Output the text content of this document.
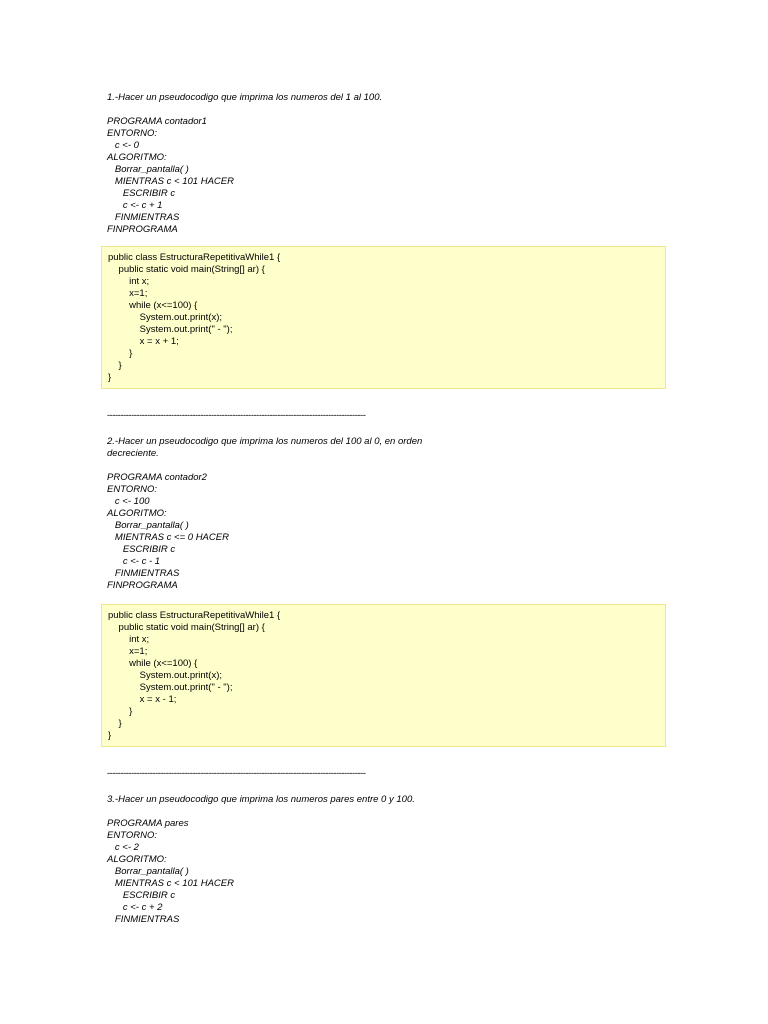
1.-Hacer un pseudocodigo que imprima los numeros del 1 al 100.
PROGRAMA contador1
ENTORNO:
c <- 0
ALGORITMO:
Borrar_pantalla( )
MIENTRAS c < 101 HACER
ESCRIBIR c
c <- c + 1
FINMIENTRAS
FINPROGRAMA
public class EstructuraRepetitivaWhile1 {
public static void main(String[] ar) {
int x;
x=1;
while (x<=100) {
System.out.print(x);
System.out.print(" - ");
x = x + 1;
}
}
}
-------------------------------------------------------------------------------------------------
2.-Hacer un pseudocodigo que imprima los numeros del 100 al 0, en orden
decreciente.
PROGRAMA contador2
ENTORNO:
c <- 100
ALGORITMO:
Borrar_pantalla( )
MIENTRAS c <= 0 HACER
ESCRIBIR c
c <- c - 1
FINMIENTRAS
FINPROGRAMA
public class EstructuraRepetitivaWhile1 {
public static void main(String[] ar) {
int x;
x=1;
while (x<=100) {
System.out.print(x);
System.out.print(" - ");
x = x - 1;
}
}
}
-------------------------------------------------------------------------------------------------
3.-Hacer un pseudocodigo que imprima los numeros pares entre 0 y 100.
PROGRAMA pares
ENTORNO:
c <- 2
ALGORITMO:
Borrar_pantalla( )
MIENTRAS c < 101 HACER
ESCRIBIR c
c <- c + 2
FINMIENTRAS
